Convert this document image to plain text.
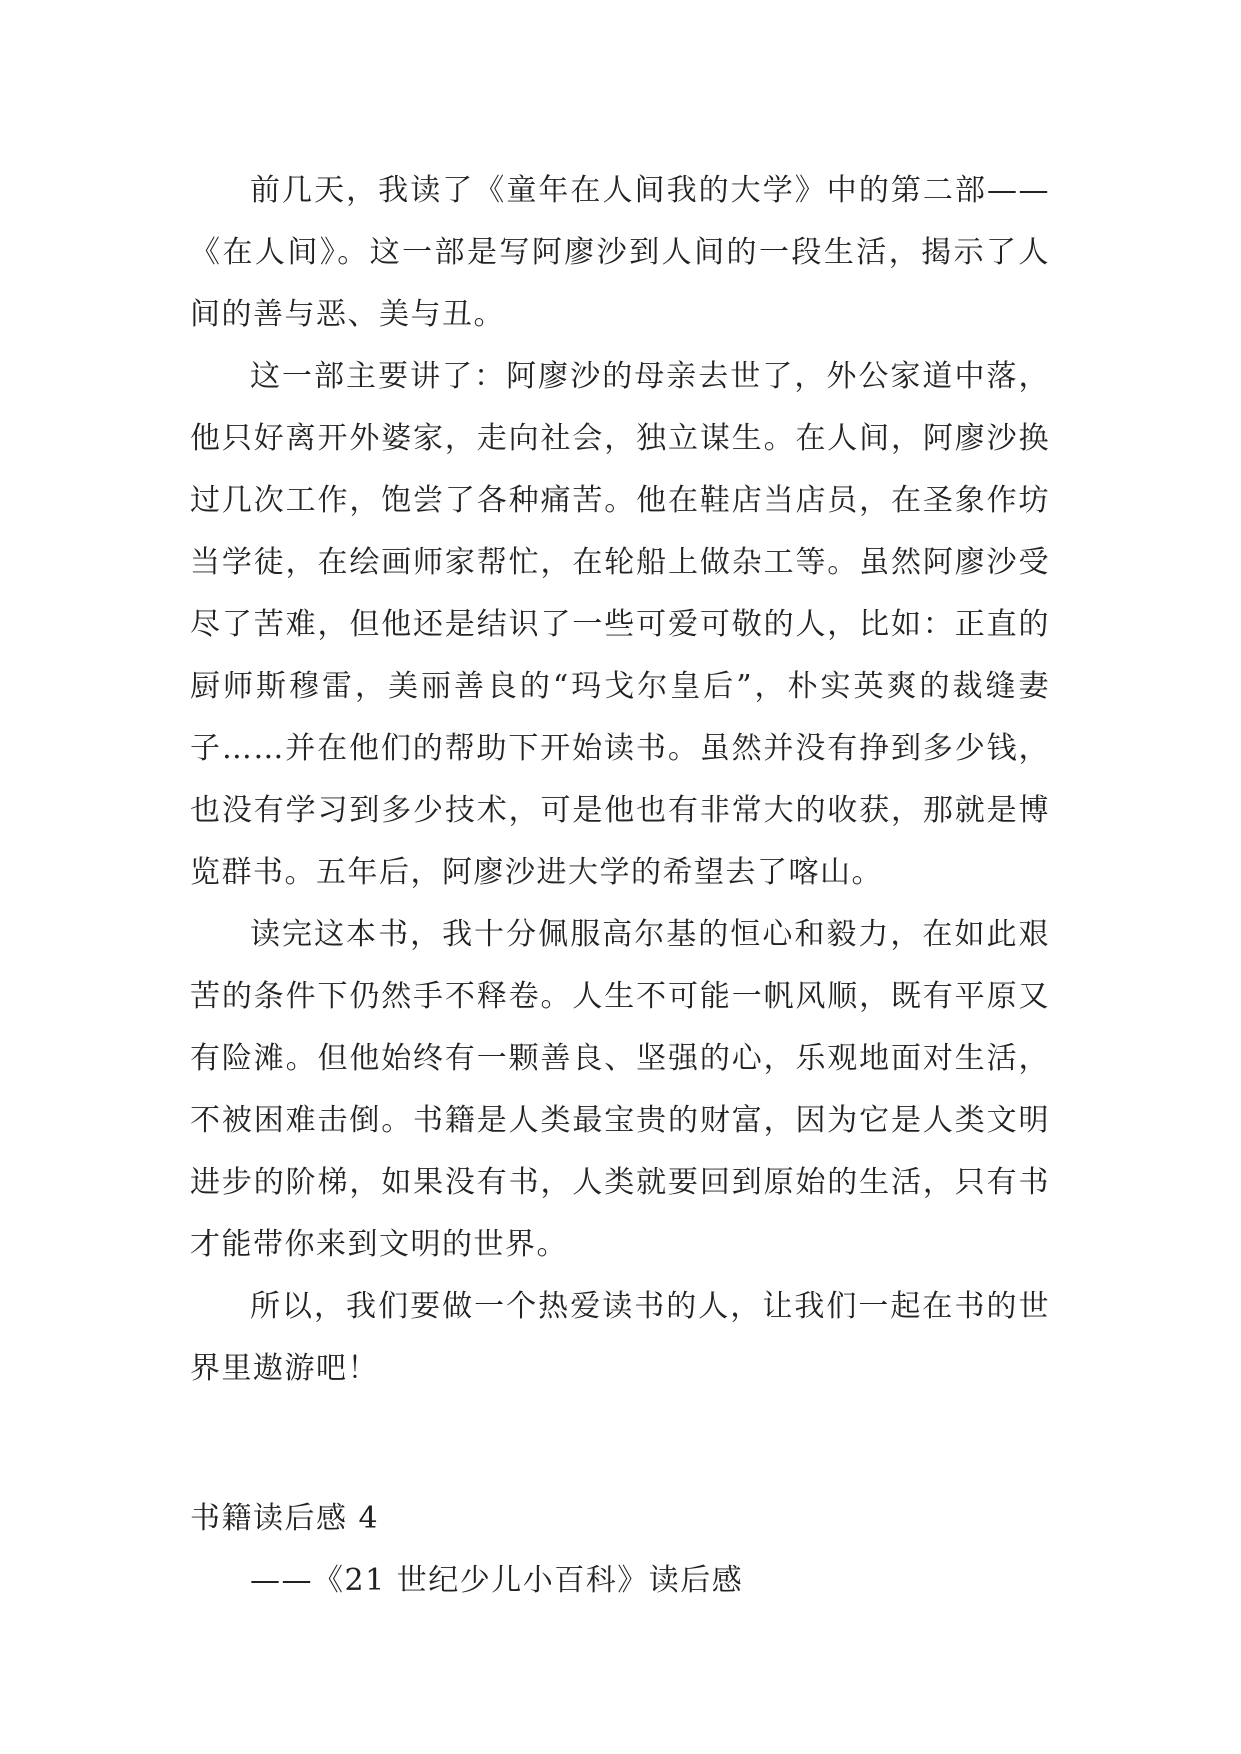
前几天，我读了《童年在人间我的大学》中的第二部——《在人间》。这一部是写阿廖沙到人间的一段生活，揭示了人间的善与恶、美与丑。

这一部主要讲了：阿廖沙的母亲去世了，外公家道中落，他只好离开外婆家，走向社会，独立谋生。在人间，阿廖沙换过几次工作，饱尝了各种痛苦。他在鞋店当店员，在圣象作坊当学徒，在绘画师家帮忙，在轮船上做杂工等。虽然阿廖沙受尽了苦难，但他还是结识了一些可爱可敬的人，比如：正直的厨师斯穆雷，美丽善良的“玛戈尔皇后”，朴实英爽的裁缝妻子……并在他们的帮助下开始读书。虽然并没有挣到多少钱，也没有学习到多少技术，可是他也有非常大的收获，那就是博览群书。五年后，阿廖沙进大学的希望去了喀山。

读完这本书，我十分佩服高尔基的恒心和毅力，在如此艰苦的条件下仍然手不释卷。人生不可能一帆风顺，既有平原又有险滩。但他始终有一颗善良、坚强的心，乐观地面对生活，不被困难击倒。书籍是人类最宝贵的财富，因为它是人类文明进步的阶梯，如果没有书，人类就要回到原始的生活，只有书才能带你来到文明的世界。

所以，我们要做一个热爱读书的人，让我们一起在书的世界里遨游吧！

书籍读后感 4

——《21 世纪少儿小百科》读后感
